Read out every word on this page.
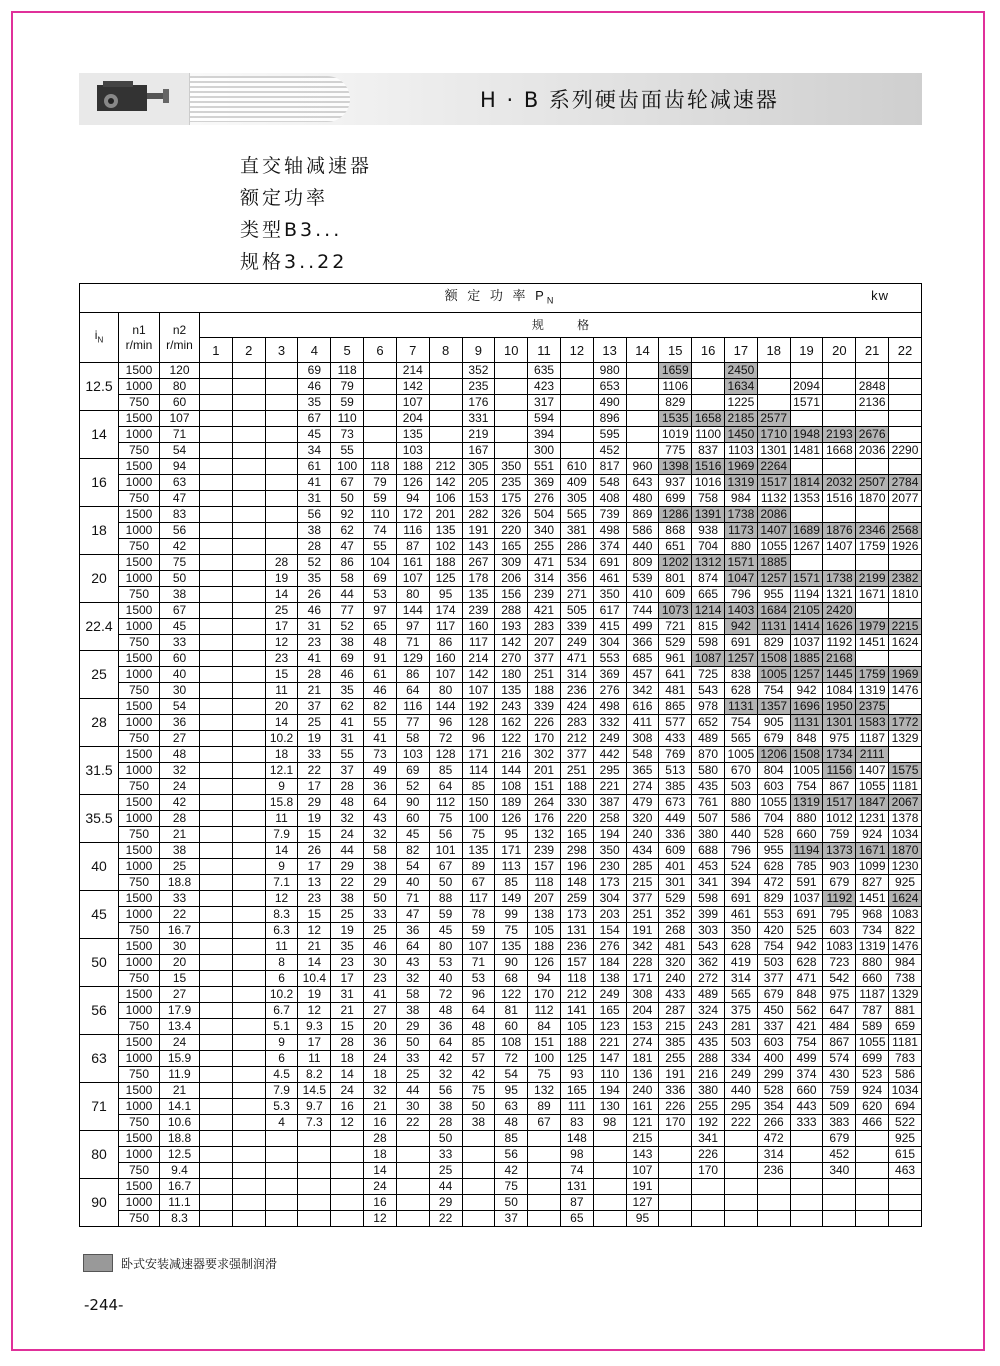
H · B 系列硬齿面齿轮减速器
直交轴减速器
额定功率
类型B3...
规格3..22
额 定 功 率 $P_N$ kw																								

$i_N$	n1
r/min	n2
r/min	规          格																					
			1	2	3	4	5	6	7	8	9	10	11	12	13	14	15	16	17	18	19	20	21	22
12.5	1500	120				69	118		214		352		635		980		1659		2450					
	1000	80				46	79		142		235		423		653		1106		1634		2094		2848	
	750	60				35	59		107		176		317		490		829		1225		1571		2136	
14	1500	107				67	110		204		331		594		896		1535	1658	2185	2577				
	1000	71				45	73		135		219		394		595		1019	1100	1450	1710	1948	2193	2676	
	750	54				34	55		103		167		300		452		775	837	1103	1301	1481	1668	2036	2290
16	1500	94				61	100	118	188	212	305	350	551	610	817	960	1398	1516	1969	2264				
	1000	63				41	67	79	126	142	205	235	369	409	548	643	937	1016	1319	1517	1814	2032	2507	2784
	750	47				31	50	59	94	106	153	175	276	305	408	480	699	758	984	1132	1353	1516	1870	2077
18	1500	83				56	92	110	172	201	282	326	504	565	739	869	1286	1391	1738	2086				
	1000	56				38	62	74	116	135	191	220	340	381	498	586	868	938	1173	1407	1689	1876	2346	2568
	750	42				28	47	55	87	102	143	165	255	286	374	440	651	704	880	1055	1267	1407	1759	1926
20	1500	75			28	52	86	104	161	188	267	309	471	534	691	809	1202	1312	1571	1885				
	1000	50			19	35	58	69	107	125	178	206	314	356	461	539	801	874	1047	1257	1571	1738	2199	2382
	750	38			14	26	44	53	80	95	135	156	239	271	350	410	609	665	796	955	1194	1321	1671	1810
22.4	1500	67			25	46	77	97	144	174	239	288	421	505	617	744	1073	1214	1403	1684	2105	2420		
	1000	45			17	31	52	65	97	117	160	193	283	339	415	499	721	815	942	1131	1414	1626	1979	2215
	750	33			12	23	38	48	71	86	117	142	207	249	304	366	529	598	691	829	1037	1192	1451	1624
25	1500	60			23	41	69	91	129	160	214	270	377	471	553	685	961	1087	1257	1508	1885	2168		
	1000	40			15	28	46	61	86	107	142	180	251	314	369	457	641	725	838	1005	1257	1445	1759	1969
	750	30			11	21	35	46	64	80	107	135	188	236	276	342	481	543	628	754	942	1084	1319	1476
28	1500	54			20	37	62	82	116	144	192	243	339	424	498	616	865	978	1131	1357	1696	1950	2375	
	1000	36			14	25	41	55	77	96	128	162	226	283	332	411	577	652	754	905	1131	1301	1583	1772
	750	27			10.2	19	31	41	58	72	96	122	170	212	249	308	433	489	565	679	848	975	1187	1329
31.5	1500	48			18	33	55	73	103	128	171	216	302	377	442	548	769	870	1005	1206	1508	1734	2111	
	1000	32			12.1	22	37	49	69	85	114	144	201	251	295	365	513	580	670	804	1005	1156	1407	1575
	750	24			9	17	28	36	52	64	85	108	151	188	221	274	385	435	503	603	754	867	1055	1181
35.5	1500	42			15.8	29	48	64	90	112	150	189	264	330	387	479	673	761	880	1055	1319	1517	1847	2067
	1000	28			11	19	32	43	60	75	100	126	176	220	258	320	449	507	586	704	880	1012	1231	1378
	750	21			7.9	15	24	32	45	56	75	95	132	165	194	240	336	380	440	528	660	759	924	1034
40	1500	38			14	26	44	58	82	101	135	171	239	298	350	434	609	688	796	955	1194	1373	1671	1870
	1000	25			9	17	29	38	54	67	89	113	157	196	230	285	401	453	524	628	785	903	1099	1230
	750	18.8			7.1	13	22	29	40	50	67	85	118	148	173	215	301	341	394	472	591	679	827	925
45	1500	33			12	23	38	50	71	88	117	149	207	259	304	377	529	598	691	829	1037	1192	1451	1624
	1000	22			8.3	15	25	33	47	59	78	99	138	173	203	251	352	399	461	553	691	795	968	1083
	750	16.7			6.3	12	19	25	36	45	59	75	105	131	154	191	268	303	350	420	525	603	734	822
50	1500	30			11	21	35	46	64	80	107	135	188	236	276	342	481	543	628	754	942	1083	1319	1476
	1000	20			8	14	23	30	43	53	71	90	126	157	184	228	320	362	419	503	628	723	880	984
	750	15			6	10.4	17	23	32	40	53	68	94	118	138	171	240	272	314	377	471	542	660	738
56	1500	27			10.2	19	31	41	58	72	96	122	170	212	249	308	433	489	565	679	848	975	1187	1329
	1000	17.9			6.7	12	21	27	38	48	64	81	112	141	165	204	287	324	375	450	562	647	787	881
	750	13.4			5.1	9.3	15	20	29	36	48	60	84	105	123	153	215	243	281	337	421	484	589	659
63	1500	24			9	17	28	36	50	64	85	108	151	188	221	274	385	435	503	603	754	867	1055	1181
	1000	15.9			6	11	18	24	33	42	57	72	100	125	147	181	255	288	334	400	499	574	699	783
	750	11.9			4.5	8.2	14	18	25	32	42	54	75	93	110	136	191	216	249	299	374	430	523	586
71	1500	21			7.9	14.5	24	32	44	56	75	95	132	165	194	240	336	380	440	528	660	759	924	1034
	1000	14.1			5.3	9.7	16	21	30	38	50	63	89	111	130	161	226	255	295	354	443	509	620	694
	750	10.6			4	7.3	12	16	22	28	38	48	67	83	98	121	170	192	222	266	333	383	466	522
80	1500	18.8						28		50		85		148		215		341		472		679		925
	1000	12.5						18		33		56		98		143		226		314		452		615
	750	9.4						14		25		42		74		107		170		236		340		463
90	1500	16.7						24		44		75		131		191								
	1000	11.1						16		29		50		87		127								
	750	8.3						12		22		37		65		95								
卧式安装减速器要求强制润滑
-244-
